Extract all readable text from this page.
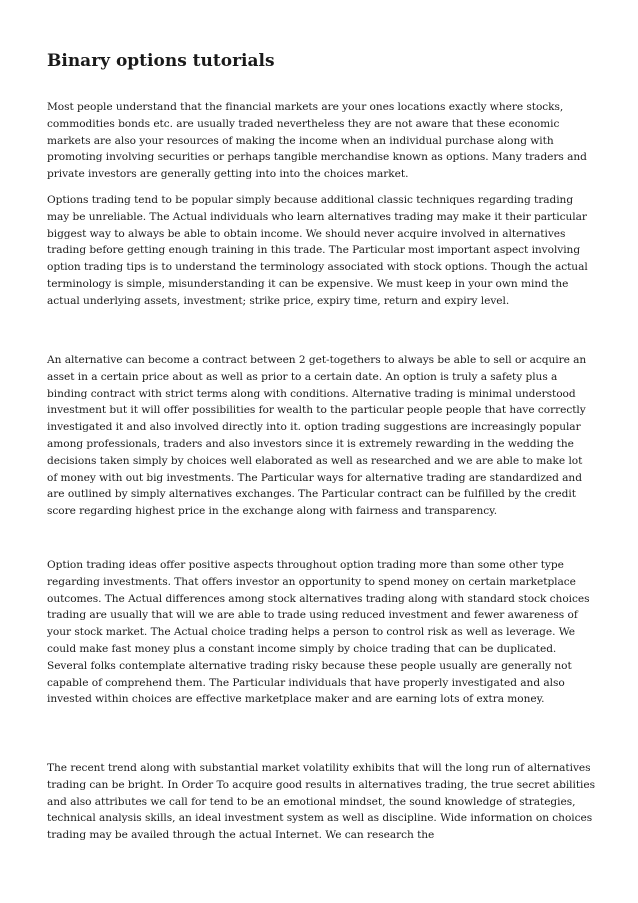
Binary options tutorials

Most people understand that the financial markets are your ones locations exactly where stocks, commodities bonds etc. are usually traded nevertheless they are not aware that these economic markets are also your resources of making the income when an individual purchase along with promoting involving securities or perhaps tangible merchandise known as options. Many traders and private investors are generally getting into into the choices market.

Options trading tend to be popular simply because additional classic techniques regarding trading may be unreliable. The Actual individuals who learn alternatives trading may make it their particular biggest way to always be able to obtain income. We should never acquire involved in alternatives trading before getting enough training in this trade. The Particular most important aspect involving option trading tips is to understand the terminology associated with stock options. Though the actual terminology is simple, misunderstanding it can be expensive. We must keep in your own mind the actual underlying assets, investment; strike price, expiry time, return and expiry level.

An alternative can become a contract between 2 get-togethers to always be able to sell or acquire an asset in a certain price about as well as prior to a certain date. An option is truly a safety plus a binding contract with strict terms along with conditions. Alternative trading is minimal understood investment but it will offer possibilities for wealth to the particular people people that have correctly investigated it and also involved directly into it. option trading suggestions are increasingly popular among professionals, traders and also investors since it is extremely rewarding in the wedding the decisions taken simply by choices well elaborated as well as researched and we are able to make lot of money with out big investments. The Particular ways for alternative trading are standardized and are outlined by simply alternatives exchanges. The Particular contract can be fulfilled by the credit score regarding highest price in the exchange along with fairness and transparency.

Option trading ideas offer positive aspects throughout option trading more than some other type regarding investments. That offers investor an opportunity to spend money on certain marketplace outcomes. The Actual differences among stock alternatives trading along with standard stock choices trading are usually that will we are able to trade using reduced investment and fewer awareness of your stock market. The Actual choice trading helps a person to control risk as well as leverage. We could make fast money plus a constant income simply by choice trading that can be duplicated. Several folks contemplate alternative trading risky because these people usually are generally not capable of comprehend them. The Particular individuals that have properly investigated and also invested within choices are effective marketplace maker and are earning lots of extra money.

The recent trend along with substantial market volatility exhibits that will the long run of alternatives trading can be bright. In Order To acquire good results in alternatives trading, the true secret abilities and also attributes we call for tend to be an emotional mindset, the sound knowledge of strategies, technical analysis skills, an ideal investment system as well as discipline. Wide information on choices trading may be availed through the actual Internet. We can research the
